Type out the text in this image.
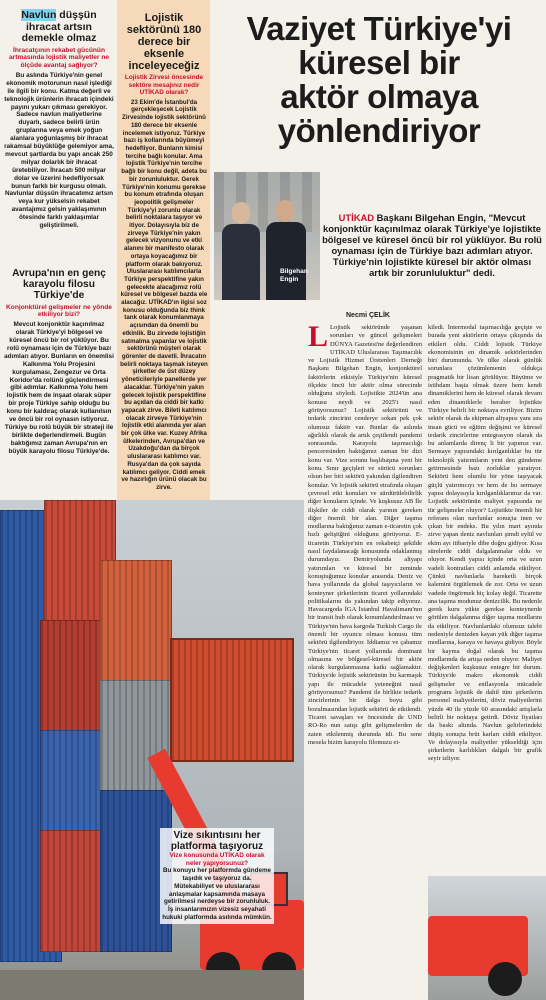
Vaziyet Türkiye'yi
küresel bir
aktör olmaya
yönlendiriyor
Navlun düşşün ihracat artsın demekle olmaz
İhracatçının rekabet gücünün artmasında lojistik maliyetler ne ölçüde avantaj sağlıyor?
Bu aslında Türkiye'nin genel ekonomik motorunun nasıl işlediği ile ilgili bir konu. Katma değerli ve teknolojik ürünlerin ihracatı içindeki payını yukarı çıkması gerekiyor. Sadece navlun maliyetlerine duyarlı, sadece belirli ürün gruplarına veya emek yoğun alanlara yoğunlaşmış bir ihracat rakamsal büyüklüğe gelemiyor ama, mevcut şartlarda bu yapı ancak 250 milyar dolarlık bir ihracat üretebiliyor. İhracatı 500 milyar dolar ve üzerini hedefliyorsak bunun farklı bir kurgusu olmalı. Navlunlar düşsün ihracatımız artsın veya kur yükselsin rekabet avantajımız gelsin yaklaşımının ötesinde farklı yaklaşımlar geliştirilmeli.
Avrupa'nın en genç karayolu filosu Türkiye'de
Konjonktürel gelişmeler ne yönde etkiliyor bizi?
Mevcut konjonktür kaçınılmaz olarak Türkiye'yi bölgesel ve küresel öncü bir rol yüklüyor. Bu rolü oynaması için de Türkiye bazı adımları atıyor. Bunların en önemlisi Kalkınma Yolu Projesini kurgulaması, Zengezur ve Orta Koridor'da rolünü güçlendirmesi gibi adımlar. Kalkınma Yolu hem lojistik hem de inşaat olarak süper bir proje Türkiye sahip olduğu bu konu bir kaldıraç olarak kullanılsın ve öncü bir rol oynasın istiyoruz. Türkiye bu rolü büyük bir strateji ile birlikte değerlendirmeli. Bugün baktığımız zaman Avrupa'nın en büyük karayolu filosu Türkiye'de.
Lojistik sektörünü 180 derece bir eksenle inceleyeceğiz
Lojistik Zirvesi öncesinde sektöre mesajınız nedir UTİKAD olarak?
23 Ekim'de İstanbul'da gerçekleşecek Lojistik Zirvesinde lojistik sektörünü 180 derece bir eksenle incelemek istiyoruz. Türkiye bazı iş kollarında büyümeyi hedefliyor. Bunların kimisi tercihe bağlı konular. Ama lojistik Türkiye'nin tercihe bağlı bir konu değil, adeta bu bir zorunluluktur. Gerek Türkiye'nin konumu gerekse bu konum etrafında oluşan jeopolitik gelişmeler Türkiye'yi zorunlu olarak belirli noktalara taşıyor ve itiyor. Dolayısıyla biz de zirveye Türkiye'nin yakın gelecek vizyonunu ve etki alanını bir manifesto olarak ortaya koyacağımız bir platform olarak bakıyoruz. Uluslararası katılımcılarla Türkiye perspektifine yakın gelecekte alacağımız rolü küresel ve bölgesel bazda ele alacağız. UTİKAD'ın ilgisi soz konusu olduğunda biz think tank olarak konumlanmaya açısından da önemli bu etkinlik. Bu zirvede lojistiğin satmalma yapanlar ve lojistik sektörünü müşteri olarak görenler de davetli. İhracatın belirli noktaya taşmak isteyen şirketler de üst düzey yöneticileriyle panellerde yer alacaklar. Türkiye'nin yakın gelecek lojistik perspektifine bu açıdan da ciddi bir katkı yapacak zirve. Bileti katılımcı olacak zirveye Türkiye'nin lojistik etki alanında yer alan bir çok ülke var. Kuzey Afrika ülkelerinden, Avrupa'dan ve Uzakdoğu'dan da birçok uluslararası katılımcı var. Rusya'dan da çok sayıda katılımcı geliyor. Ciddi emek ve hazırlığın ürünü olacak bu zirve.
Bilgehan
Engin
UTİKAD Başkanı Bilgehan Engin, "Mevcut konjonktür kaçınılmaz olarak Türkiye'ye lojistikte bölgesel ve küresel öncü bir rol yüklüyor. Bu rolü oynaması için de Türkiye bazı adımları atıyor. Türkiye'nin lojistikte küresel bir aktör olması artık bir zorunluluktur" dedi.
Necmi ÇELİK
L Lojistik sektöründe yaşanan sorunları ve güncel gelişmeleri DÜNYA Gazetesi'ne değerlendiren UTİKAD Uluslararası Taşımacılık ve Lojistik Hizmet Üretenleri Derneği Başkanı Bilgehan Engin, konjonktürel faktörlerin etkisiyle Türkiye'nin küresel ölçekte öncü bir aktör olma sürecinde olduğunu söyledi. Lojistikte 2024'ün ana konusu neydi ve 2025'i nasıl görüyorsunuz? Lojistik sektörünü ve tedarik zincirini cenderye sokan pek çok olumsuz faktör var. Bunlar da aslında ağırlıklı olarak da artık çeşitlendi pandemi sonrasında. Karayolu taşımacılığı penceresinden baktığımız zaman bir dizi konu var. Vize sorunu başlıbaşına yeni bir konu. Sınır geçişleri ve sürücü sorunları olsun her biri sektörü yakından ilgilendiren konular. Ve lojistik sektörü etrafında oluşan çevresel etki konuları ve sürdürülebilirlik diğer konuların içinde. Ve kuşkusuz AB İle ilişkiler de ciddi olarak yarının gereken diğer önemli bir alan. Diğer taşıma modlarına baktığımız zaman e-ticaretin çok hızlı geliştiğini olduğunu görüyoruz. E-ticaretin Türkiye'nin en rekabetçi şekilde nasıl faydalanacağı konusunda odaklanmış durumdayız. Demiryolunda altyapı yatırımları ve küresel bir zeminde konuştuğumuz konular arasında. Deniz ve hava yollarında da global taşıyıcıların ve konteyner şirketlerinin ticaret yollarındaki politikalarını da yakından takip ediyoruz. Havacargoda İGA İstanbul Havalimanı'nın bir transit hub olarak konumlandırılması ve Türkiye'nin hava kargoda Turkish Cargo ile önemli bir oyuncu olması konusu tüm sektörü ilgilendiriyor. İddiamız ve çabamız Türkiye'nin ticaret yollarında dominant olmasına ve bölgesel-küresel bir aktör olarak kurgulanmasına katkı sağlamaktır. Türkiye'de lojistik sektörünün bu karmaşık yapı ile mücadele yeteneğini nasıl görüyorsunuz? Pandemi ile birlikte tedarik zincirlerinin bir dalga boyu gibi bozulmasından lojistik sektörü de etkilendi. Ticaret savaşları ve öncesinde de UND RO-Ro nun satışı gibi gelişmelerden de zaten etkilenmiş durumda idi. Bu sene mesela bizim karayolu filomuzu et-
kiledi. İntermodal taşımacılığa geçişte ve burada yeni aktörlerin ortaya çıkışında da etkileri oldu. Ciddi lojistik Türkiye ekonomisinin en dinamik sektörlerinden biri durumunda. Ve ülke olarak günlük sorunlara çözümlemenin oldukça pragmatik bir lisan görülüyor. Büyüme ve istihdam başta olmak üzere hem kendi dinamiklerini hem de küresel olarak devam eden dinamiklerle beraber lojistikte Türkiye belirli bir noktaya evriliyor. Bizim sektör olarak da ekipman altyapısı yanı sıra insan gücü ve eğitim değişimi ve küresel tedarik zincirlerine entegrasyon olarak da bu anlamlarda direnç li bir yapımız var. Sermaye yapısındaki kırılganlıklar bu tür teknolojik yatırımların yeni den gündeme getirmesinde bazı zorluklar yaratıyor. Sektörü hem olumlu bir yöne taşıyacak güçlü yatırımcıyı ve hem de bu sermaye yapısı dolayısıyla kırılganlıklarımız da var. Lojistik sektörünün maliyet yapısında ne tür gelişmeler oluyor? Lojistikte önemli bir referans olan navlunlar sonuçta inen ve çıkan bir endeks. Bu yılın mart ayında zirve yapan deniz navlunları şimdi eylül ve ekim ayı itibariyle dibe doğru gidiyor. Kısa sürelerde ciddi dalgalanmalar oldu ve oluyor. Kendi yapısı içinde orta ve uzun vadeli kontratları ciddi anlamda etkiliyor. Çünkü navlunlarla hareketli birçok kalemini örgütlemek de zor. Orta ve uzun vadede öngörmek hiç kolay değil. Ticarette ana taşıma modunuz denizcilik. Bu nedenle gerek kuru yükte gerekse konteynerde görülen dalgalanma diğer taşıma modlarını da etkiliyor. Navlunlardaki olumsuz talebi nedeniyle denizden kayan yük diğer taşıma modlarına, karaya ve havaya gidiyor. Böyle bir kayma doğal olarak bu taşıma modlarında da artışa neden oluyor. Maliyet değişkenleri kuşkusuz entegre bir durum. Türkiye'de makro ekonomik ciddi gelişmeler ve enflasyonla mücadele programı lojistik de dahil tüm şirketlerin personel maliyetlerini, döviz maliyetlerini yüzde 40 ile yüzde 60 arasındaki artışlarla belirli bir noktaya getirdi. Döviz fiyatları da baskı altında. Navlun gelirlerindeki düşüş sonuçta brüt karları ciddi etkiliyor. Ve dolayısıyla maliyetler yükseldiği için şirketlerin karlılıkları dalgalı bir grafik seyir izliyor.
Vize sıkıntısını her platforma taşıyoruz
Vize konusunda UTİKAD olarak neler yapıyorsunuz?
Bu konuyu her platformda gündeme taşıdık ve taşıyoruz da. Mütekabiliyet ve uluslararası anlaşmalar kapsamında masaya getirilmesi nerdeyse bir zorunluluk. İş insanlarımızın vizesiz seyahati hukuki platformda asılında mümkün.
